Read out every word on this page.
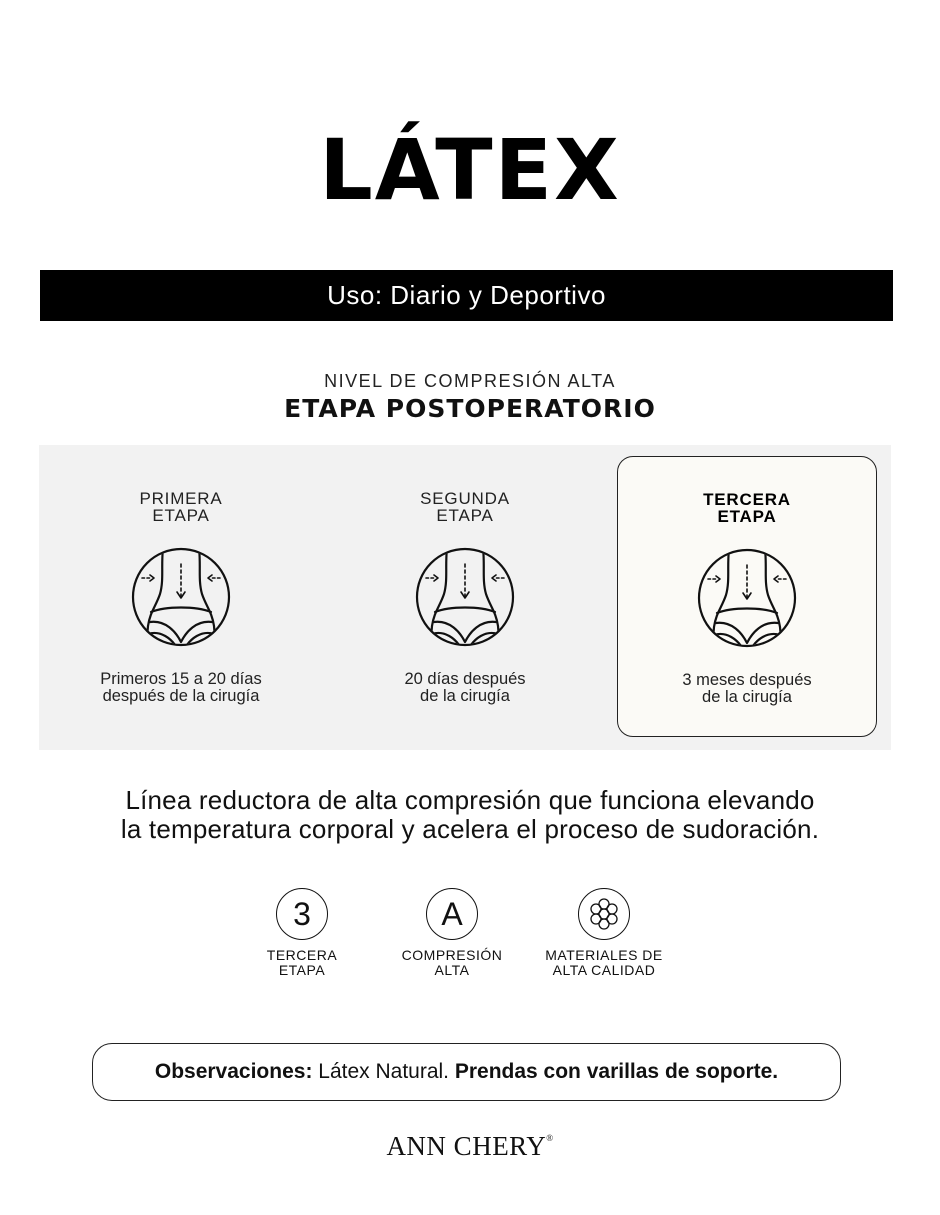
LÁTEX
Uso: Diario y Deportivo
NIVEL DE COMPRESIÓN ALTA
ETAPA POSTOPERATORIO
PRIMERA
ETAPA
Primeros 15 a 20 días
después de la cirugía
SEGUNDA
ETAPA
20 días después
de la cirugía
TERCERA
ETAPA
3 meses después
de la cirugía
Línea reductora de alta compresión que funciona elevando
la temperatura corporal y acelera el proceso de sudoración.
3
TERCERA
ETAPA
A
COMPRESIÓN
ALTA
MATERIALES DE
ALTA CALIDAD
Observaciones: Látex Natural. Prendas con varillas de soporte.
ANN CHERY®
